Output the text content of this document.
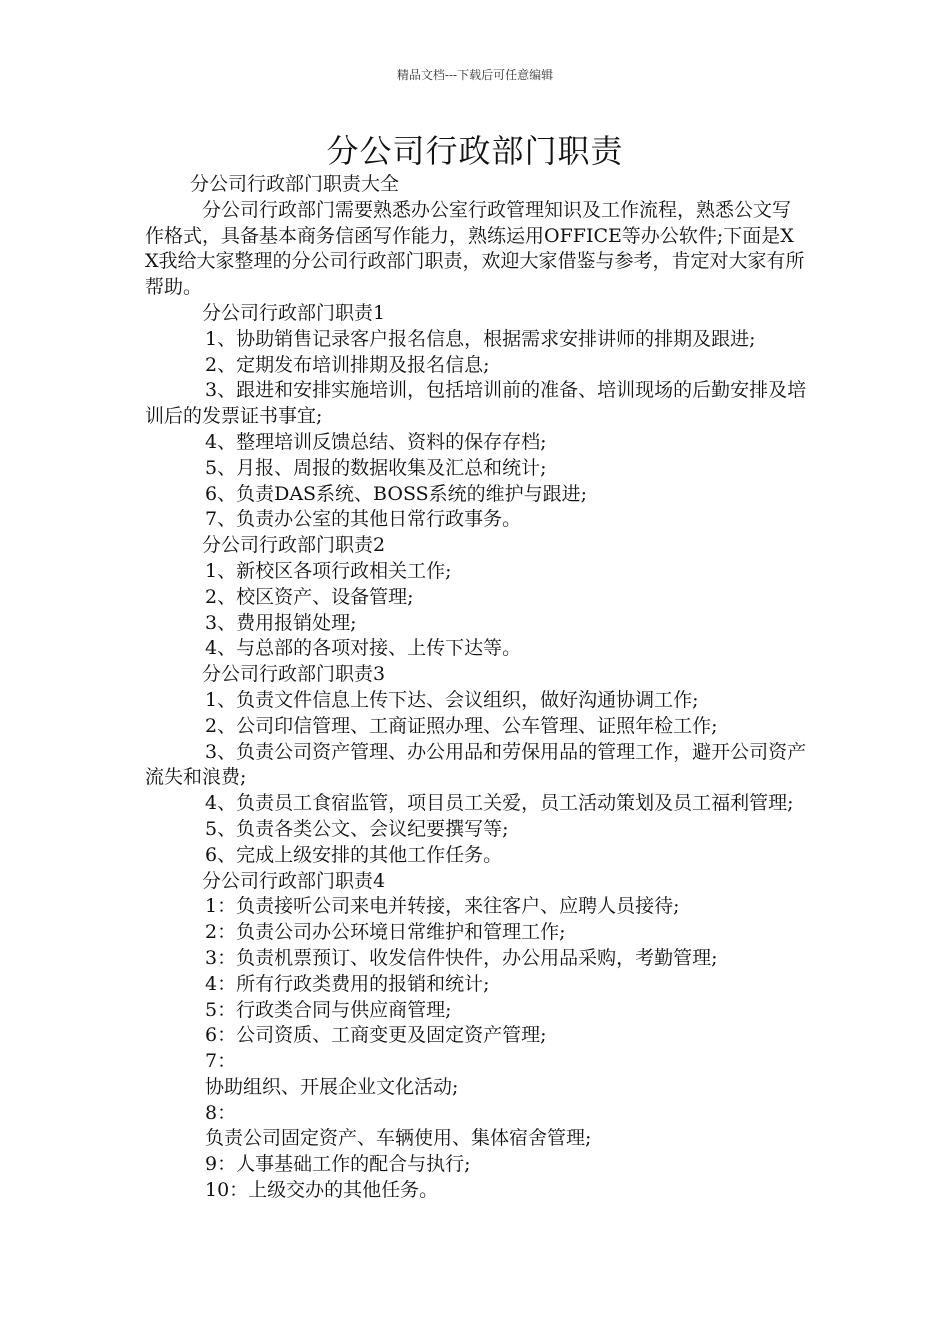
精品文档---下载后可任意编辑
分公司行政部门职责

分公司行政部门职责大全

分公司行政部门需要熟悉办公室行政管理知识及工作流程，熟悉公文写作格式，具备基本商务信函写作能力，熟练运用OFFICE等办公软件;下面是XX我给大家整理的分公司行政部门职责，欢迎大家借鉴与参考，肯定对大家有所帮助。

分公司行政部门职责1

1、协助销售记录客户报名信息，根据需求安排讲师的排期及跟进;

2、定期发布培训排期及报名信息;

3、跟进和安排实施培训，包括培训前的准备、培训现场的后勤安排及培训后的发票证书事宜;

4、整理培训反馈总结、资料的保存存档;

5、月报、周报的数据收集及汇总和统计;

6、负责DAS系统、BOSS系统的维护与跟进;

7、负责办公室的其他日常行政事务。

分公司行政部门职责2

1、新校区各项行政相关工作;

2、校区资产、设备管理;

3、费用报销处理;

4、与总部的各项对接、上传下达等。

分公司行政部门职责3

1、负责文件信息上传下达、会议组织，做好沟通协调工作;

2、公司印信管理、工商证照办理、公车管理、证照年检工作;

3、负责公司资产管理、办公用品和劳保用品的管理工作，避开公司资产流失和浪费;

4、负责员工食宿监管，项目员工关爱，员工活动策划及员工福利管理;

5、负责各类公文、会议纪要撰写等;

6、完成上级安排的其他工作任务。

分公司行政部门职责4

1：负责接听公司来电并转接，来往客户、应聘人员接待;

2：负责公司办公环境日常维护和管理工作;

3：负责机票预订、收发信件快件，办公用品采购，考勤管理;

4：所有行政类费用的报销和统计;

5：行政类合同与供应商管理;

6：公司资质、工商变更及固定资产管理;

7：

协助组织、开展企业文化活动;

8：

负责公司固定资产、车辆使用、集体宿舍管理;

9：人事基础工作的配合与执行;

10：上级交办的其他任务。
